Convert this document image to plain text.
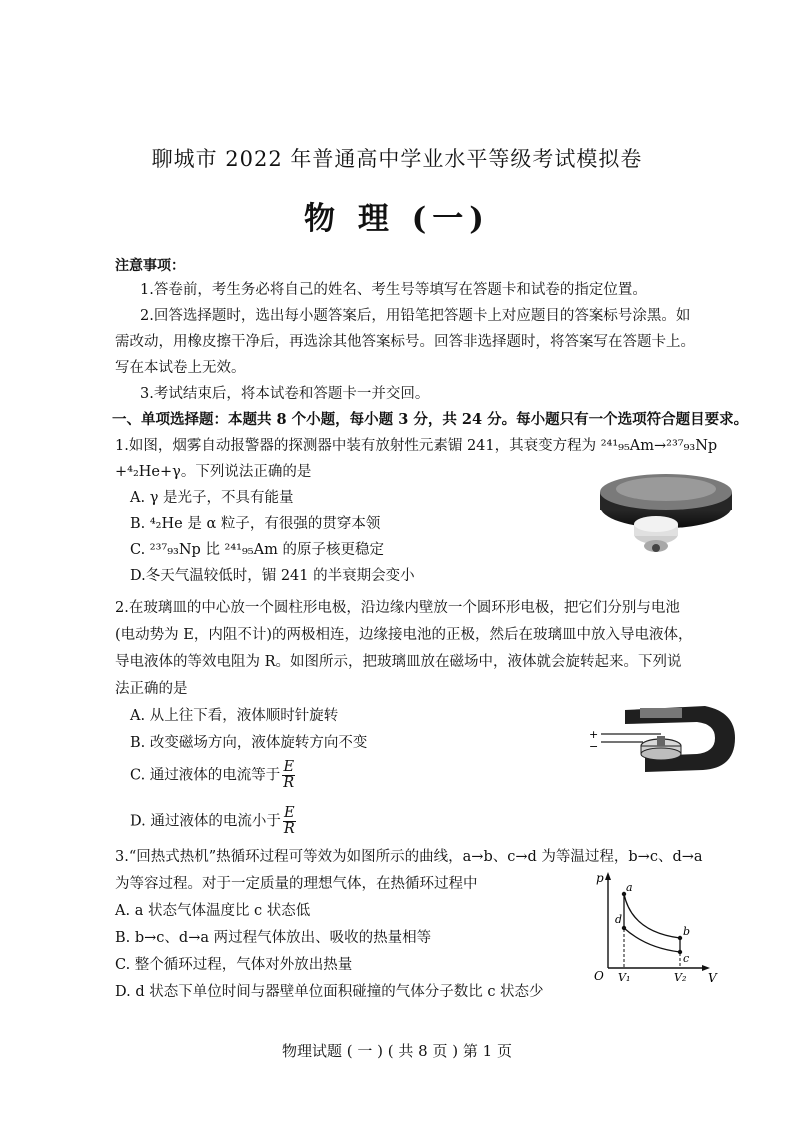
聊城市 2022 年普通高中学业水平等级考试模拟卷
物 理 (一)
注意事项：
1.答卷前，考生务必将自己的姓名、考生号等填写在答题卡和试卷的指定位置。
2.回答选择题时，选出每小题答案后，用铅笔把答题卡上对应题目的答案标号涂黑。如
需改动，用橡皮擦干净后，再选涂其他答案标号。回答非选择题时，将答案写在答题卡上。
写在本试卷上无效。
3.考试结束后，将本试卷和答题卡一并交回。
一、单项选择题：本题共 8 个小题，每小题 3 分，共 24 分。每小题只有一个选项符合题目要求。
1.如图，烟雾自动报警器的探测器中装有放射性元素镅 241，其衰变方程为 ²⁴¹₉₅Am→²³⁷₉₃Np
+⁴₂He+γ。下列说法正确的是
A. γ 是光子，不具有能量
B. ⁴₂He 是 α 粒子，有很强的贯穿本领
C. ²³⁷₉₃Np 比 ²⁴¹₉₅Am 的原子核更稳定
D.冬天气温较低时，镅 241 的半衰期会变小
2.在玻璃皿的中心放一个圆柱形电极，沿边缘内壁放一个圆环形电极，把它们分别与电池
(电动势为 E，内阻不计)的两极相连，边缘接电池的正极，然后在玻璃皿中放入导电液体，
导电液体的等效电阻为 R。如图所示，把玻璃皿放在磁场中，液体就会旋转起来。下列说
法正确的是
A. 从上往下看，液体顺时针旋转
B. 改变磁场方向，液体旋转方向不变
C. 通过液体的电流等于 $\frac{E}{R}$
D. 通过液体的电流小于 $\frac{E}{R}$
+
−
3.“回热式热机”热循环过程可等效为如图所示的曲线，a→b、c→d 为等温过程，b→c、d→a
为等容过程。对于一定质量的理想气体，在热循环过程中
A. a 状态气体温度比 c 状态低
B. b→c、d→a 两过程气体放出、吸收的热量相等
C. 整个循环过程，气体对外放出热量
D. d 状态下单位时间与器壁单位面积碰撞的气体分子数比 c 状态少
p
V
O V₁	V₂
a
b
c
d
物理试题 ( 一 ) ( 共 8 页 ) 第 1 页
